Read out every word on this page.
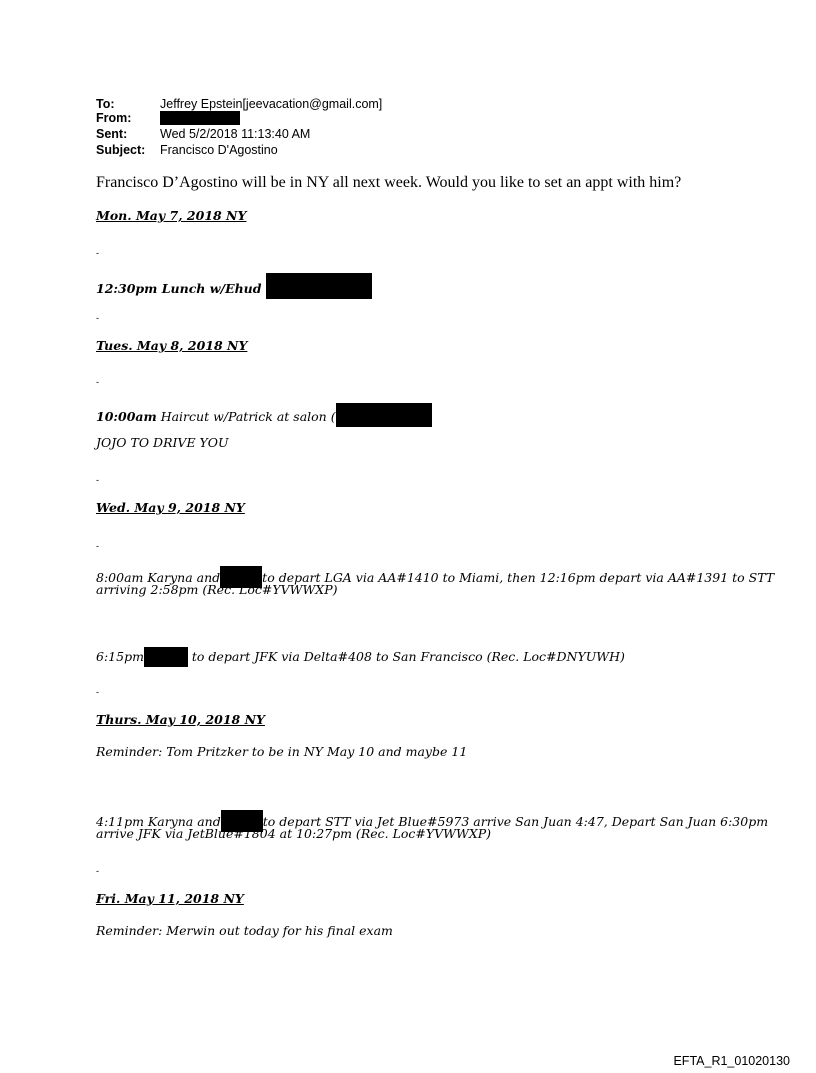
To:	Jeffrey Epstein[jeevacation@gmail.com]
From:
Sent:	Wed 5/2/2018 11:13:40 AM
Subject: Francisco D'Agostino
Francisco D’Agostino will be in NY all next week. Would you like to set an appt with him?
Mon. May 7, 2018 NY
-
12:30pm Lunch w/Ehud
-
Tues. May 8, 2018 NY
-
10:00am Haircut w/Patrick at salon (
JOJO TO DRIVE YOU
-
Wed. May 9, 2018 NY
-
8:00am Karyna and	to depart LGA via AA#1410 to Miami, then 12:16pm depart via AA#1391 to STT
arriving 2:58pm (Rec. Loc#YVWWXP)
6:15pm	to depart JFK via Delta#408 to San Francisco (Rec. Loc#DNYUWH)
-
Thurs. May 10, 2018 NY
Reminder: Tom Pritzker to be in NY May 10 and maybe 11
4:11pm Karyna and	to depart STT via Jet Blue#5973 arrive San Juan 4:47, Depart San Juan 6:30pm
arrive JFK via JetBlue#1804 at 10:27pm (Rec. Loc#YVWWXP)
-
Fri. May 11, 2018 NY
Reminder: Merwin out today for his final exam
EFTA_R1_01020130
